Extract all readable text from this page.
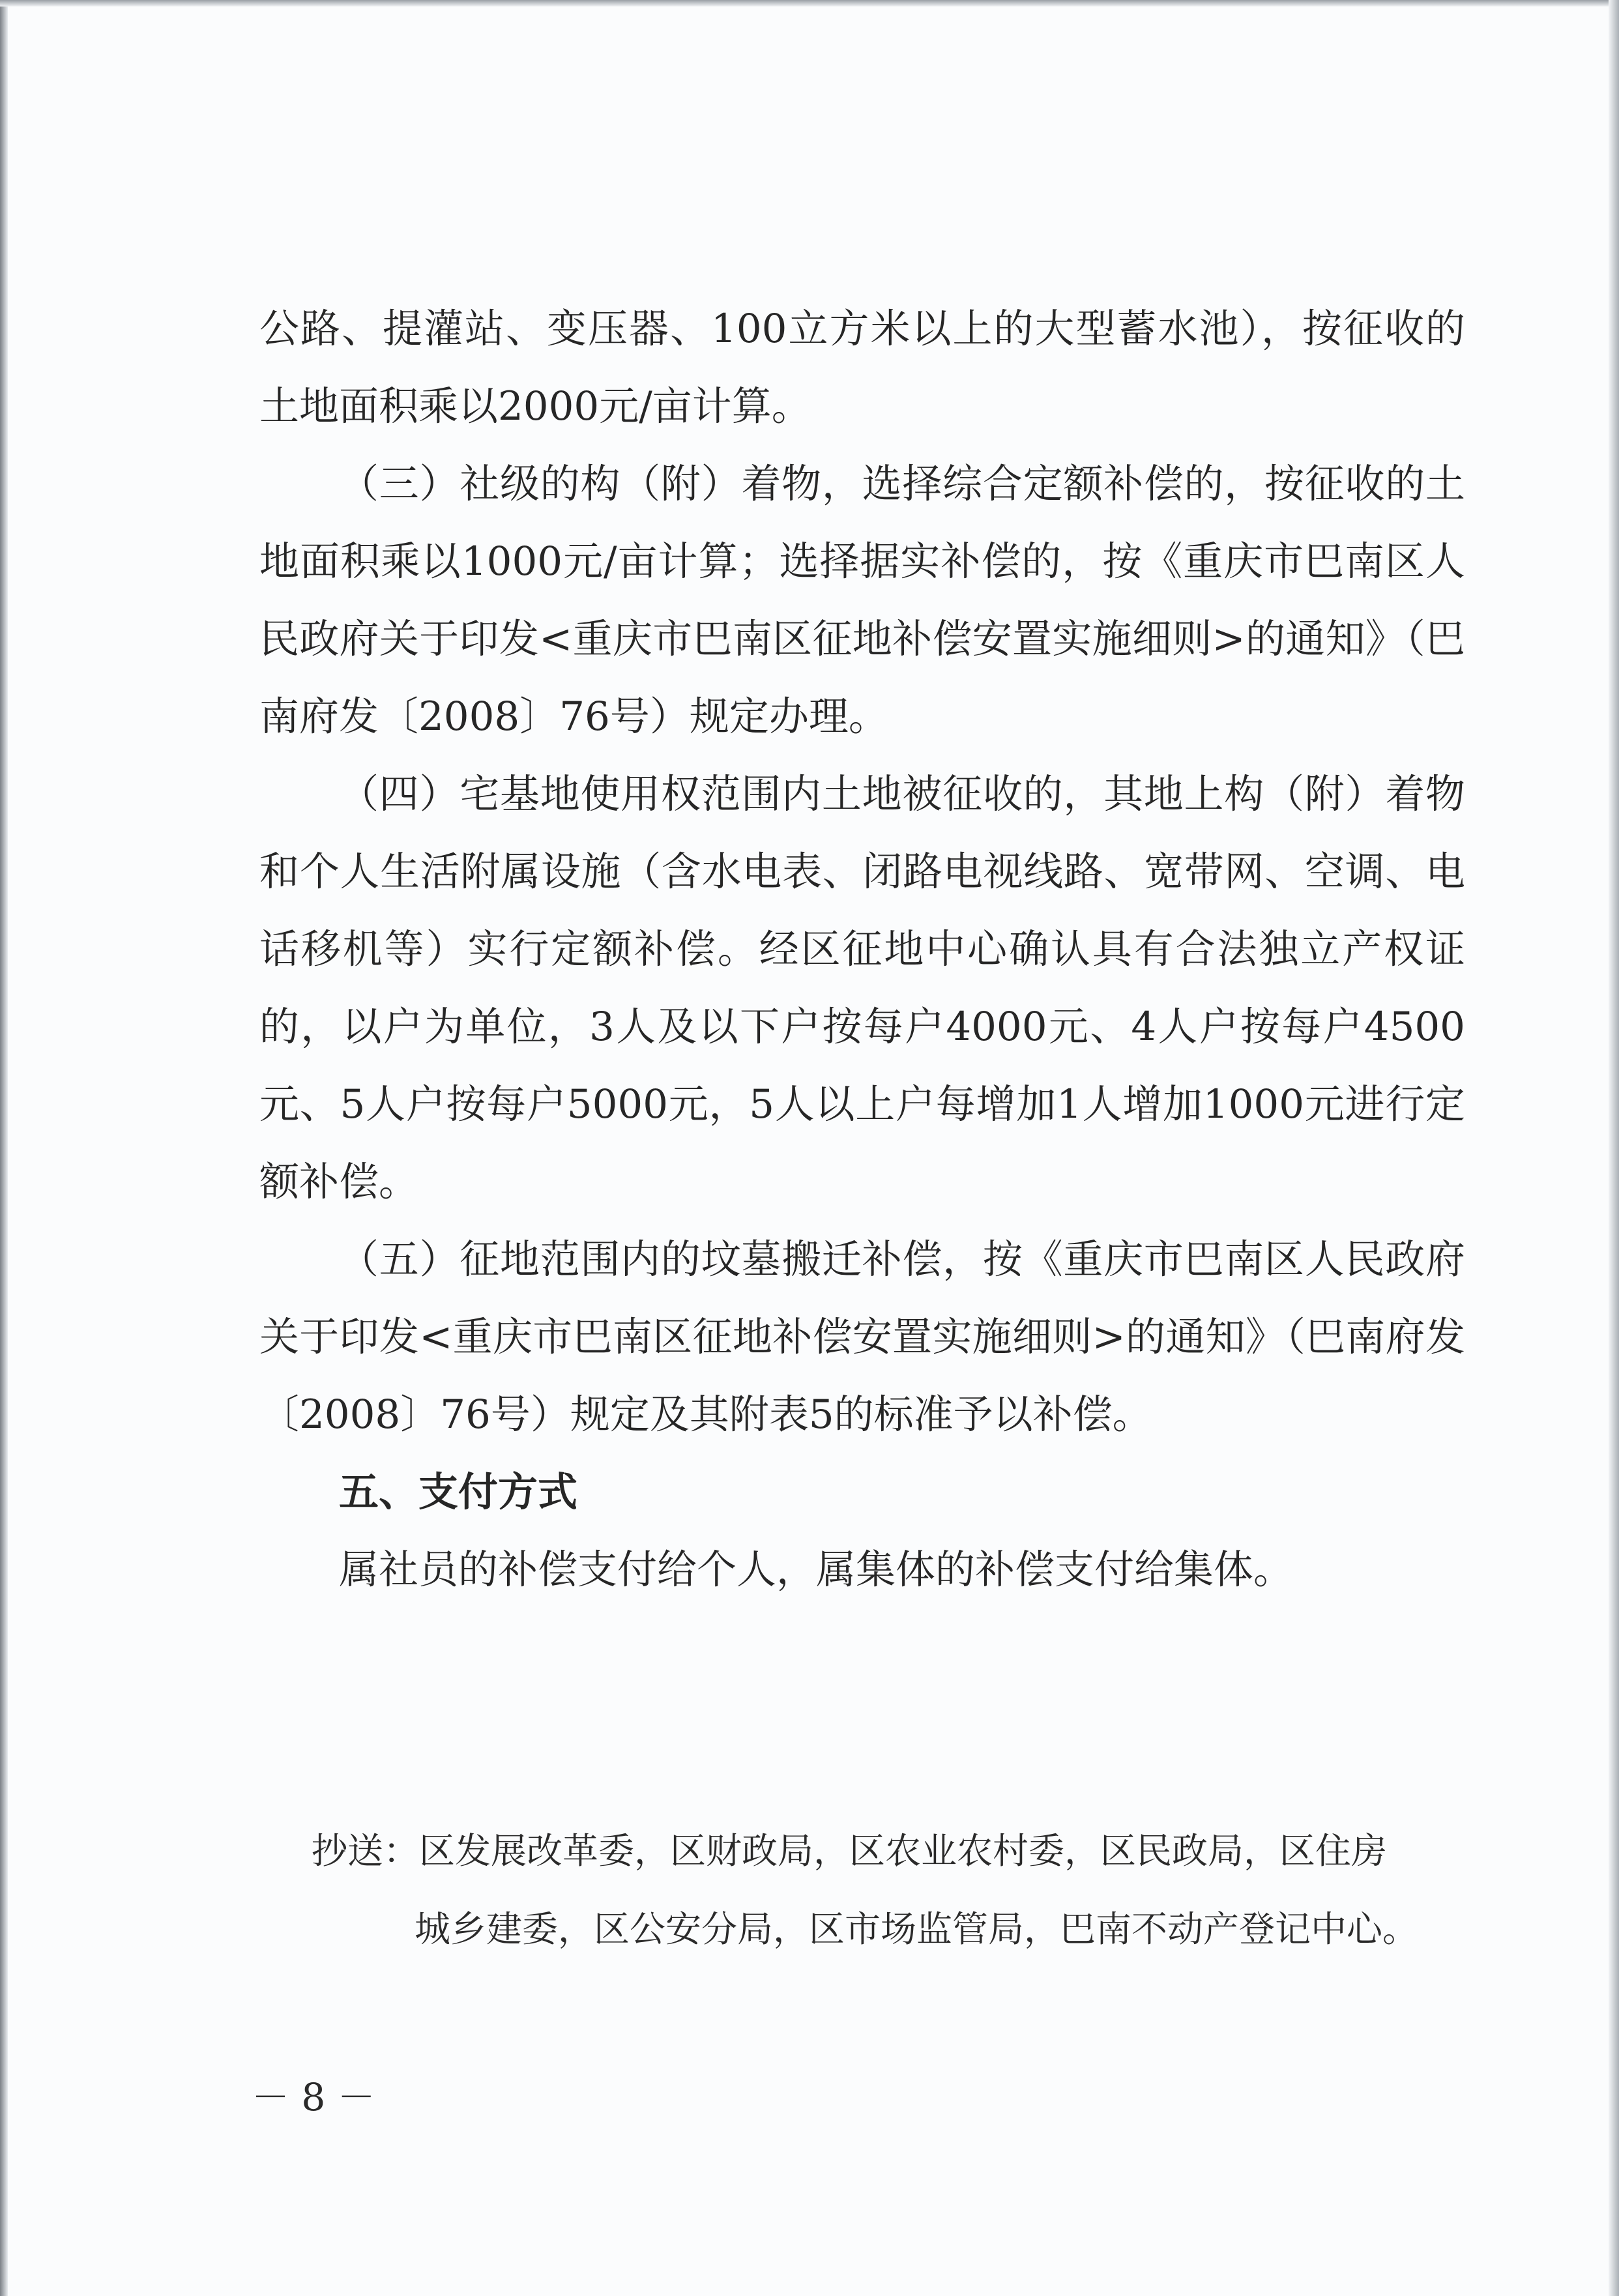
公路、提灌站、变压器、100立方米以上的大型蓄水池），按征收的土地面积乘以2000元/亩计算。

（三）社级的构（附）着物，选择综合定额补偿的，按征收的土地面积乘以1000元/亩计算；选择据实补偿的，按《重庆市巴南区人民政府关于印发<重庆市巴南区征地补偿安置实施细则>的通知》（巴南府发〔2008〕76号）规定办理。

（四）宅基地使用权范围内土地被征收的，其地上构（附）着物和个人生活附属设施（含水电表、闭路电视线路、宽带网、空调、电话移机等）实行定额补偿。经区征地中心确认具有合法独立产权证的，以户为单位，3人及以下户按每户4000元、4人户按每户4500元、5人户按每户5000元，5人以上户每增加1人增加1000元进行定额补偿。

（五）征地范围内的坟墓搬迁补偿，按《重庆市巴南区人民政府关于印发<重庆市巴南区征地补偿安置实施细则>的通知》（巴南府发〔2008〕76号）规定及其附表5的标准予以补偿。

五、支付方式

属社员的补偿支付给个人，属集体的补偿支付给集体。

抄送：区发展改革委，区财政局，区农业农村委，区民政局，区住房

城乡建委，区公安分局，区市场监管局，巴南不动产登记中心。

－ 8 －
